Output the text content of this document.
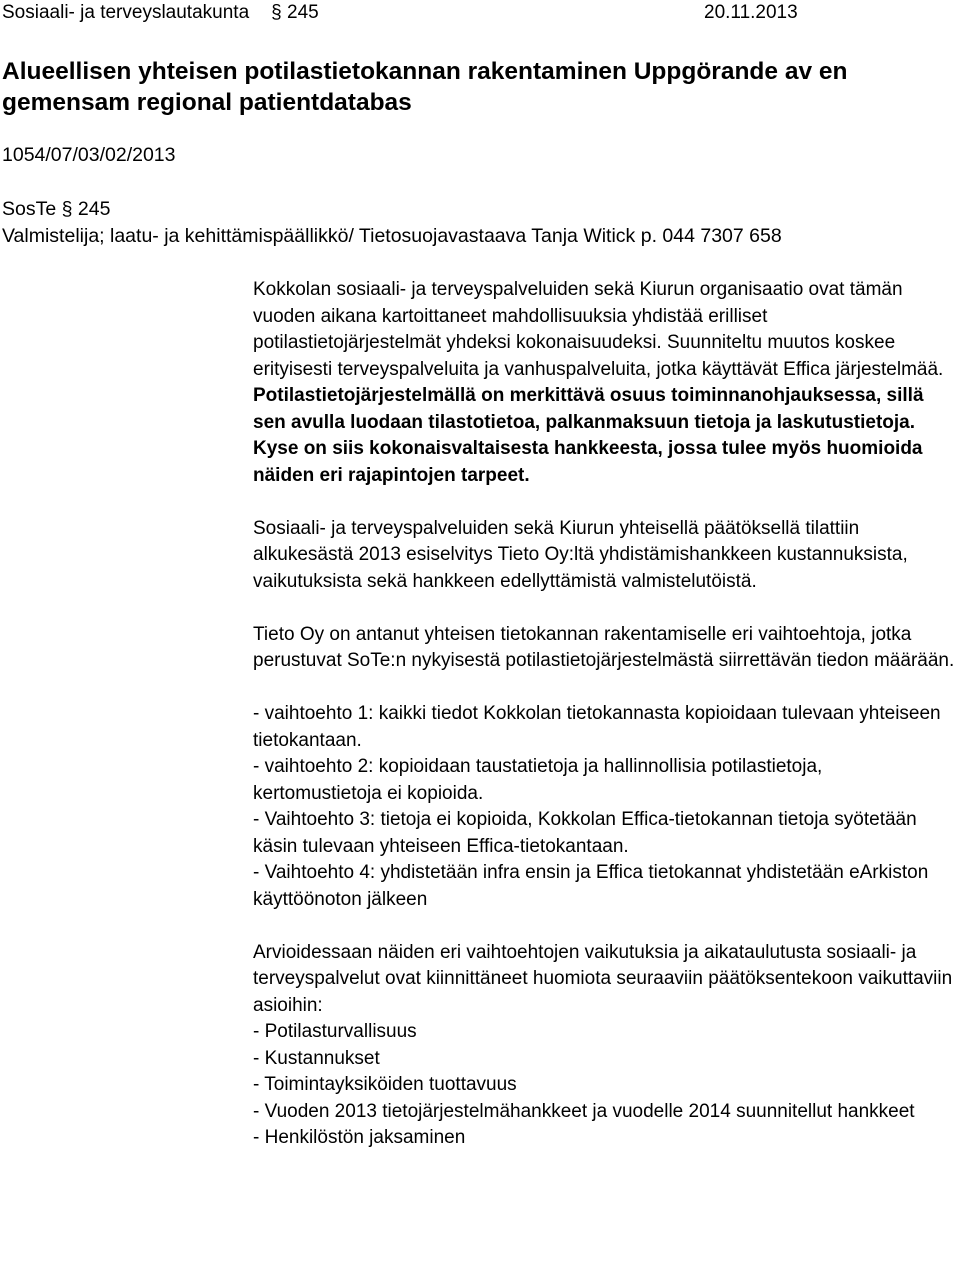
Sosiaali- ja terveyslautakunta § 245	20.11.2013
Alueellisen yhteisen potilastietokannan rakentaminen Uppgörande av en gemensam regional patientdatabas
1054/07/03/02/2013
SosTe § 245
Valmistelija; laatu- ja kehittämispäällikkö/ Tietosuojavastaava Tanja Witick p. 044 7307 658

Kokkolan sosiaali- ja terveyspalveluiden sekä Kiurun organisaatio ovat tämän vuoden aikana kartoittaneet mahdollisuuksia yhdistää erilliset potilastietojärjestelmät yhdeksi kokonaisuudeksi. Suunniteltu muutos koskee erityisesti terveyspalveluita ja vanhuspalveluita, jotka käyttävät Effica järjestelmää. Potilastietojärjestelmällä on merkittävä osuus toiminnanohjauksessa, sillä sen avulla luodaan tilastotietoa, palkanmaksuun tietoja ja laskutustietoja. Kyse on siis kokonaisvaltaisesta hankkeesta, jossa tulee myös huomioida näiden eri rajapintojen tarpeet.

Sosiaali- ja terveyspalveluiden sekä Kiurun yhteisellä päätöksellä tilattiin alkukesästä 2013 esiselvitys Tieto Oy:ltä yhdistämishankkeen kustannuksista, vaikutuksista sekä hankkeen edellyttämistä valmistelutöistä.

Tieto Oy on antanut yhteisen tietokannan rakentamiselle eri vaihtoehtoja, jotka perustuvat SoTe:n nykyisestä potilastietojärjestelmästä siirrettävän tiedon määrään.

- vaihtoehto 1: kaikki tiedot Kokkolan tietokannasta kopioidaan tulevaan yhteiseen tietokantaan.
- vaihtoehto 2: kopioidaan taustatietoja ja hallinnollisia potilastietoja, kertomustietoja ei kopioida.
- Vaihtoehto 3: tietoja ei kopioida, Kokkolan Effica-tietokannan tietoja syötetään käsin tulevaan yhteiseen Effica-tietokantaan.
- Vaihtoehto 4: yhdistetään infra ensin ja Effica tietokannat yhdistetään eArkiston käyttöönoton jälkeen

Arvioidessaan näiden eri vaihtoehtojen vaikutuksia ja aikataulutusta sosiaali- ja terveyspalvelut ovat kiinnittäneet huomiota seuraaviin päätöksentekoon vaikuttaviin asioihin:

- Potilasturvallisuus
- Kustannukset
- Toimintayksiköiden tuottavuus
- Vuoden 2013 tietojärjestelmähankkeet ja vuodelle 2014 suunnitellut hankkeet
- Henkilöstön jaksaminen
